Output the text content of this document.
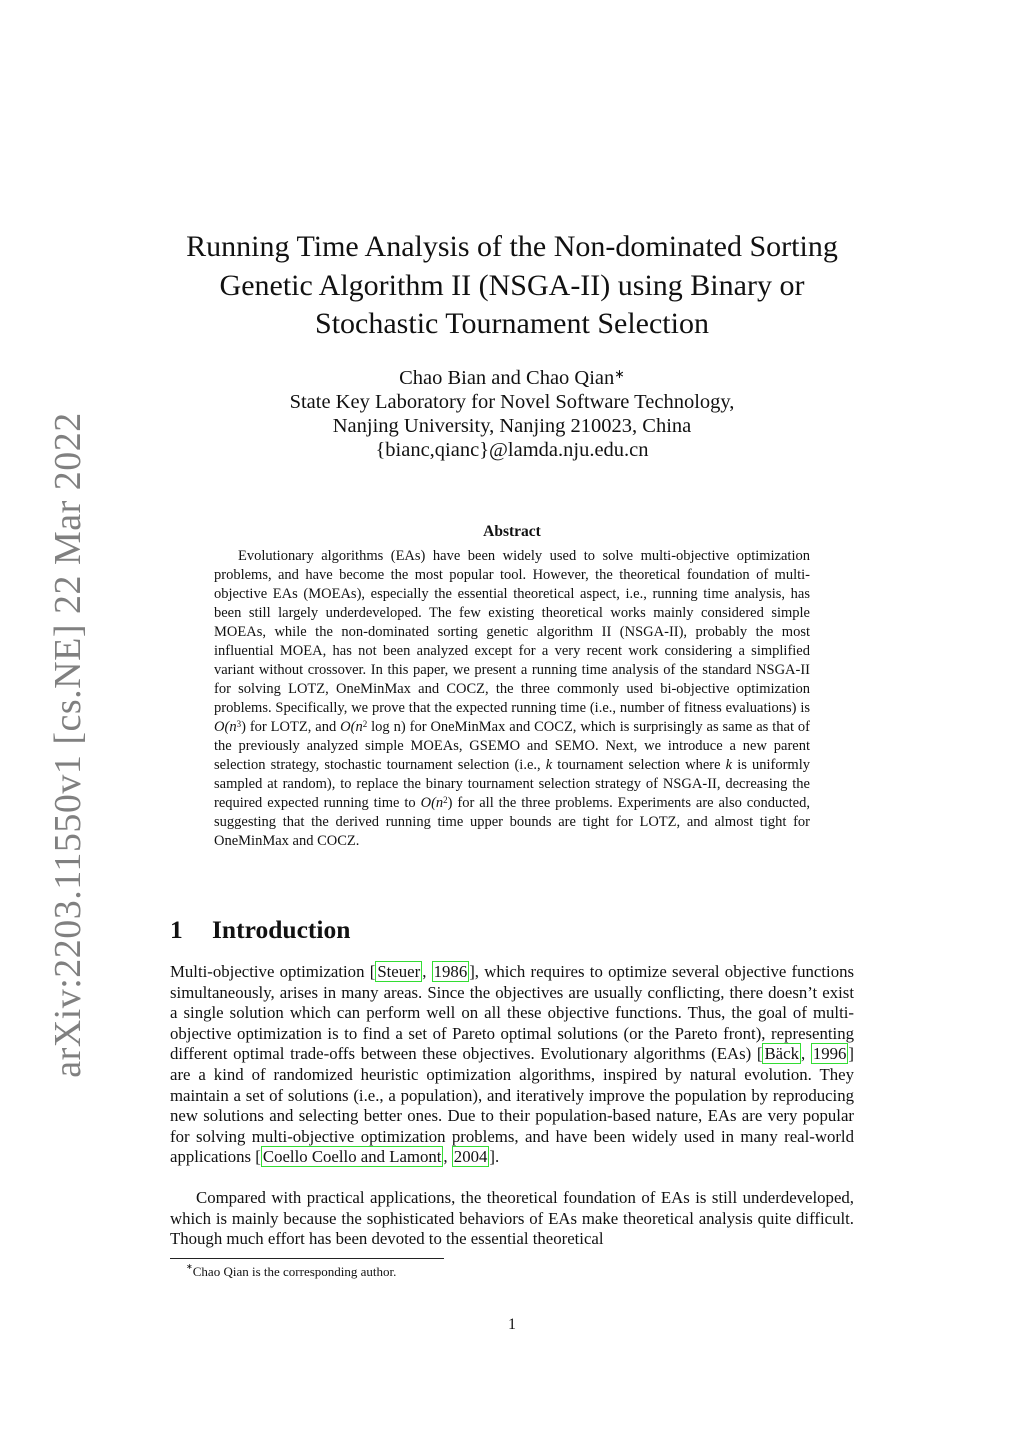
arXiv:2203.11550v1 [cs.NE] 22 Mar 2022
Running Time Analysis of the Non-dominated Sorting
Genetic Algorithm II (NSGA-II) using Binary or
Stochastic Tournament Selection
Chao Bian and Chao Qian∗
State Key Laboratory for Novel Software Technology,
Nanjing University, Nanjing 210023, China
{bianc,qianc}@lamda.nju.edu.cn
Abstract

Evolutionary algorithms (EAs) have been widely used to solve multi-objective optimization problems, and have become the most popular tool. However, the theoretical foundation of multi-objective EAs (MOEAs), especially the essential theoretical aspect, i.e., running time analysis, has been still largely underdeveloped. The few existing theoretical works mainly considered simple MOEAs, while the non-dominated sorting genetic algorithm II (NSGA-II), probably the most influential MOEA, has not been analyzed except for a very recent work considering a simplified variant without crossover. In this paper, we present a running time analysis of the standard NSGA-II for solving LOTZ, OneMinMax and COCZ, the three commonly used bi-objective optimization problems. Specifically, we prove that the expected running time (i.e., number of fitness evaluations) is $O(n^3)$ for LOTZ, and $O(n^2$ log n) for OneMinMax and COCZ, which is surprisingly as same as that of the previously analyzed simple MOEAs, GSEMO and SEMO. Next, we introduce a new parent selection strategy, stochastic tournament selection (i.e., k tournament selection where k is uniformly sampled at random), to replace the binary tournament selection strategy of NSGA-II, decreasing the required expected running time to $O(n^2)$ for all the three problems. Experiments are also conducted, suggesting that the derived running time upper bounds are tight for LOTZ, and almost tight for OneMinMax and COCZ.

1 Introduction

Multi-objective optimization [ Steuer , 1986 ], which requires to optimize several objective functions simultaneously, arises in many areas. Since the objectives are usually conflicting, there doesn’t exist a single solution which can perform well on all these objective functions. Thus, the goal of multi-objective optimization is to find a set of Pareto optimal solutions (or the Pareto front), representing different optimal trade-offs between these objectives. Evolutionary algorithms (EAs) [ Bäck , 1996 ] are a kind of randomized heuristic optimization algorithms, inspired by natural evolution. They maintain a set of solutions (i.e., a population), and iteratively improve the population by reproducing new solutions and selecting better ones. Due to their population-based nature, EAs are very popular for solving multi-objective optimization problems, and have been widely used in many real-world applications [ Coello Coello and Lamont , 2004 ].

Compared with practical applications, the theoretical foundation of EAs is still underdeveloped, which is mainly because the sophisticated behaviors of EAs make theoretical analysis quite difficult. Though much effort has been devoted to the essential theoretical

∗Chao Qian is the corresponding author.

1
